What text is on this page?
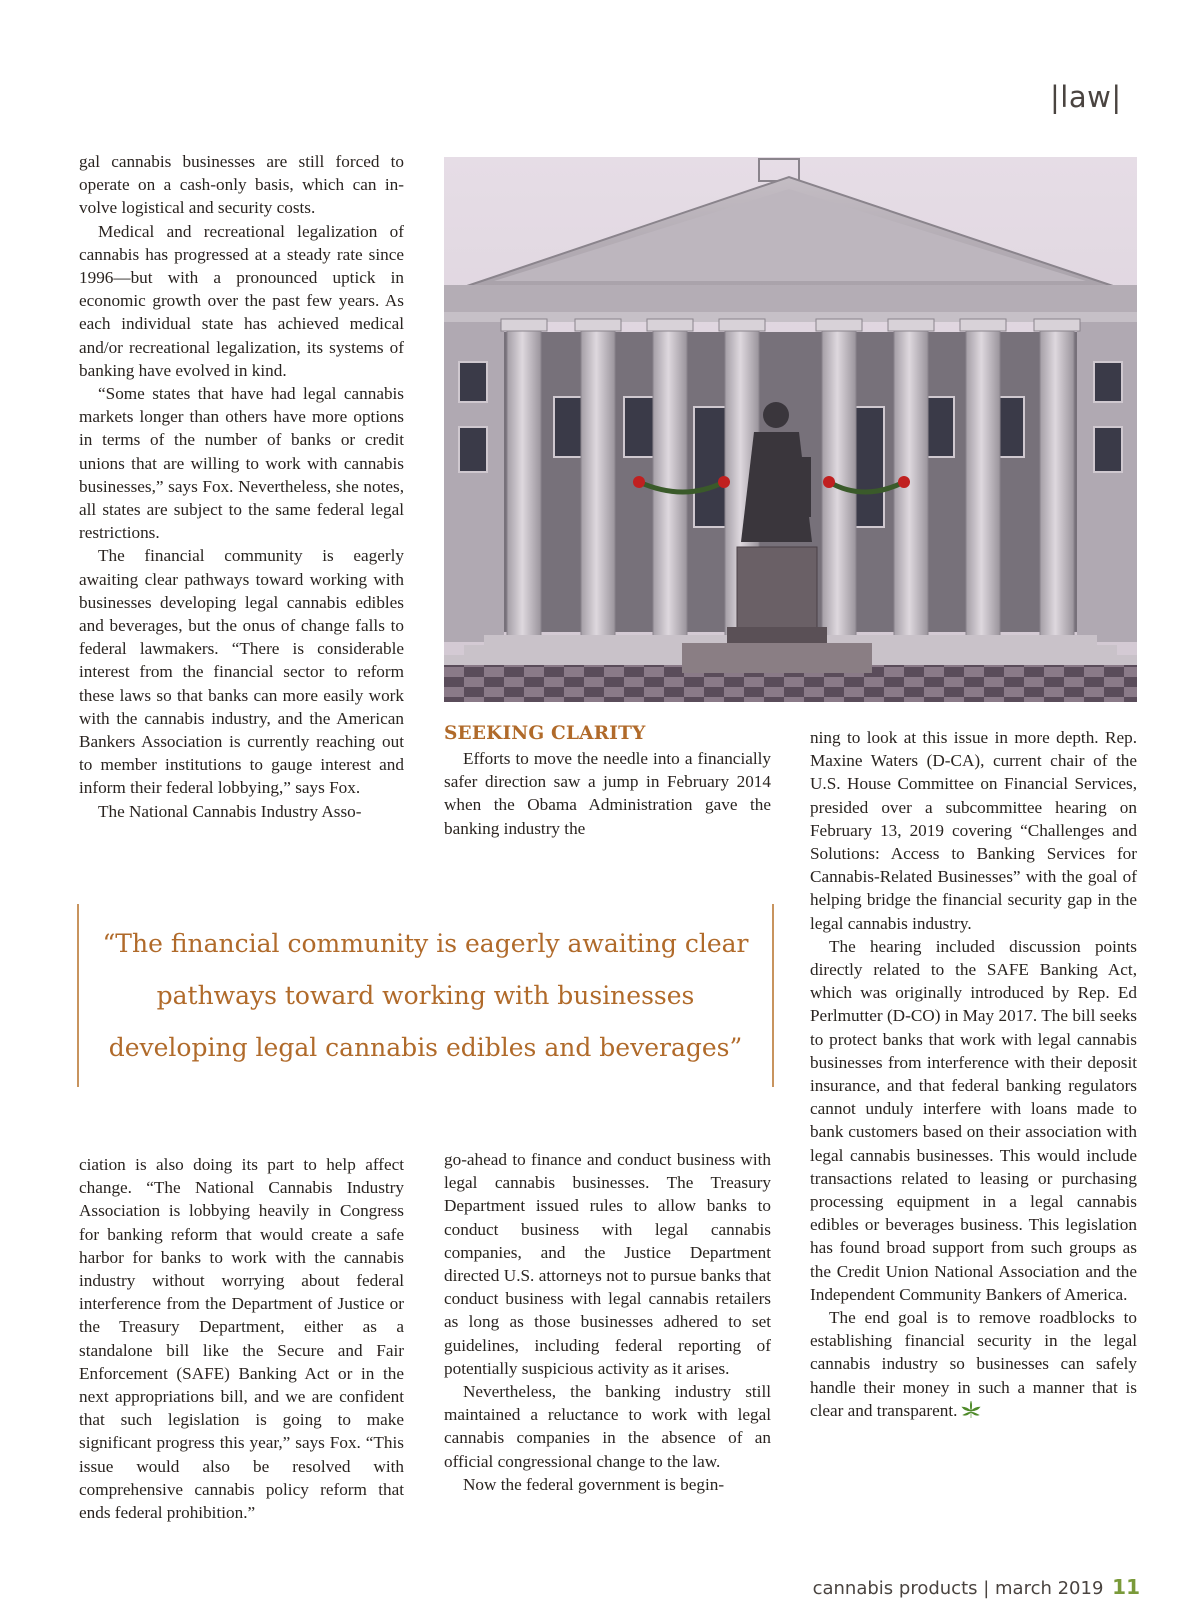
|law|

gal cannabis businesses are still forced to operate on a cash-only basis, which can involve logistical and security costs.

Medical and recreational legalization of cannabis has progressed at a steady rate since 1996—but with a pronounced uptick in economic growth over the past few years. As each individual state has achieved medical and/or recreational legalization, its systems of banking have evolved in kind.

“Some states that have had legal cannabis markets longer than others have more options in terms of the number of banks or credit unions that are willing to work with cannabis businesses,” says Fox. Nevertheless, she notes, all states are subject to the same federal legal restrictions.

The financial community is eagerly awaiting clear pathways toward working with businesses developing legal cannabis edibles and beverages, but the onus of change falls to federal lawmakers. “There is considerable interest from the financial sector to reform these laws so that banks can more easily work with the cannabis industry, and the American Bankers Association is currently reaching out to member institutions to gauge interest and inform their federal lobbying,” says Fox.

The National Cannabis Industry Asso-

SEEKING CLARITY

Efforts to move the needle into a financially safer direction saw a jump in February 2014 when the Obama Administration gave the banking industry the

ning to look at this issue in more depth. Rep. Maxine Waters (D-CA), current chair of the U.S. House Committee on Financial Services, presided over a subcommittee hearing on February 13, 2019 covering “Challenges and Solutions: Access to Banking Services for Cannabis-Related Businesses” with the goal of helping bridge the financial security gap in the legal cannabis industry.

The hearing included discussion points directly related to the SAFE Banking Act, which was originally introduced by Rep. Ed Perlmutter (D-CO) in May 2017. The bill seeks to protect banks that work with legal cannabis businesses from interference with their deposit insurance, and that federal banking regulators cannot unduly interfere with loans made to bank customers based on their association with legal cannabis businesses. This would include transactions related to leasing or purchasing processing equipment in a legal cannabis edibles or beverages business. This legislation has found broad support from such groups as the Credit Union National Association and the Independent Community Bankers of America.

The end goal is to remove roadblocks to establishing financial security in the legal cannabis industry so businesses can safely handle their money in such a manner that is clear and transparent.

“The financial community is eagerly awaiting clear pathways toward working with businesses developing legal cannabis edibles and beverages”

ciation is also doing its part to help affect change. “The National Cannabis Industry Association is lobbying heavily in Congress for banking reform that would create a safe harbor for banks to work with the cannabis industry without worrying about federal interference from the Department of Justice or the Treasury Department, either as a standalone bill like the Secure and Fair Enforcement (SAFE) Banking Act or in the next appropriations bill, and we are confident that such legislation is going to make significant progress this year,” says Fox. “This issue would also be resolved with comprehensive cannabis policy reform that ends federal prohibition.”

go-ahead to finance and conduct business with legal cannabis businesses. The Treasury Department issued rules to allow banks to conduct business with legal cannabis companies, and the Justice Department directed U.S. attorneys not to pursue banks that conduct business with legal cannabis retailers as long as those businesses adhered to set guidelines, including federal reporting of potentially suspicious activity as it arises.

Nevertheless, the banking industry still maintained a reluctance to work with legal cannabis companies in the absence of an official congressional change to the law.

Now the federal government is begin-

cannabis products | march 2019 11
